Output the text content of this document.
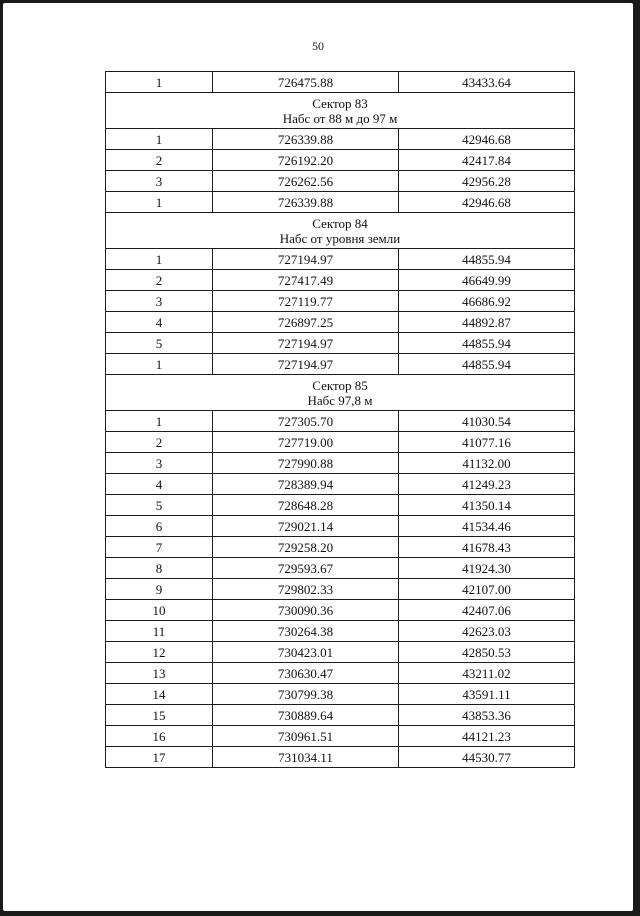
50
1	726475.88	43433.64

Сектор 83
Набс от 88 м до 97 м		

1	726339.88	42946.68
2	726192.20	42417.84
3	726262.56	42956.28
1	726339.88	42946.68

Сектор 84
Набс от уровня земли		

1	727194.97	44855.94
2	727417.49	46649.99
3	727119.77	46686.92
4	726897.25	44892.87
5	727194.97	44855.94
1	727194.97	44855.94

Сектор 85
Набс 97,8 м		

1	727305.70	41030.54
2	727719.00	41077.16
3	727990.88	41132.00
4	728389.94	41249.23
5	728648.28	41350.14
6	729021.14	41534.46
7	729258.20	41678.43
8	729593.67	41924.30
9	729802.33	42107.00
10	730090.36	42407.06
11	730264.38	42623.03
12	730423.01	42850.53
13	730630.47	43211.02
14	730799.38	43591.11
15	730889.64	43853.36
16	730961.51	44121.23
17	731034.11	44530.77
